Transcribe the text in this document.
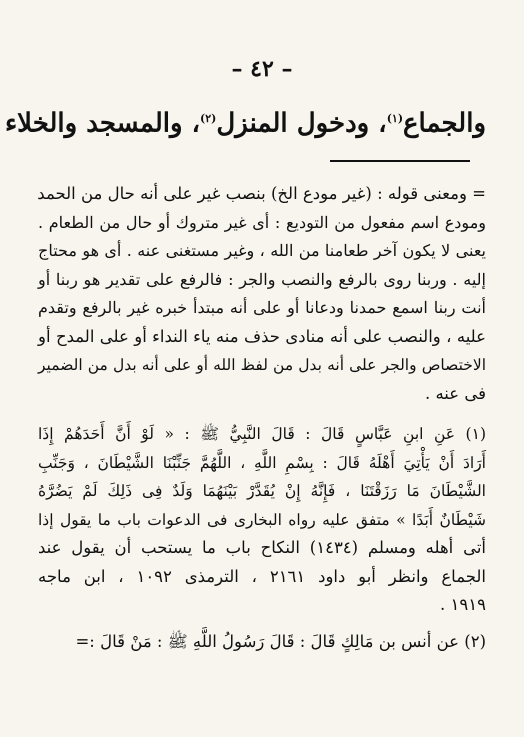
– ٤٢ –
والجماع$^{(١)}$، ودخول المنزل$^{(٢)}$، والمسجد والخلاء
= ومعنى قوله : (غير مودع الخ) بنصب غير على أنه حال من الحمد
ومودع اسم مفعول من التوديع : أى غير متروك أو حال من الطعام .
يعنى لا يكون آخر طعامنا من الله ، وغير مستغنى عنه . أى هو محتاج
إليه . وربنا روى بالرفع والنصب والجر : فالرفع على تقدير هو ربنا أو
أنت ربنا اسمع حمدنا ودعانا أو على أنه مبتدأ خبره غير بالرفع وتقدم
عليه ، والنصب على أنه منادى حذف منه ياء النداء أو على المدح أو
الاختصاص والجر على أنه بدل من لفظ الله أو على أنه بدل من الضمير
فى عنه .
(١) عَنِ ابنِ عَبَّاسٍ قَالَ : قَالَ النَّبِيُّ ﷺ : « لَوْ أَنَّ أَحَدَهُمْ إِذَا
أَرَادَ أَنْ يَأْتِيَ أَهْلَهُ قَالَ : بِسْمِ اللَّهِ ، اللَّهُمَّ جَنِّبْنَا الشَّيْطَانَ ، وَجَنِّبِ
الشَّيْطَانَ مَا رَزَقْتَنَا ، فَإِنَّهُ إِنْ يُقَدَّرْ بَيْنَهُمَا وَلَدٌ فِى ذَلِكَ لَمْ يَضُرَّهُ
شَيْطَانٌ أَبَدًا » متفق عليه رواه البخارى فى الدعوات باب ما يقول إذا
أتى أهله ومسلم (١٤٣٤) النكاح باب ما يستحب أن يقول عند
الجماع وانظر أبو داود ٢١٦١ ، الترمذى ١٠٩٢ ، ابن ماجه
١٩١٩ .
(٢) عن أنس بن مَالِكٍ قَالَ : قَالَ رَسُولُ اللَّهِ ﷺ : مَنْ قَالَ :=
